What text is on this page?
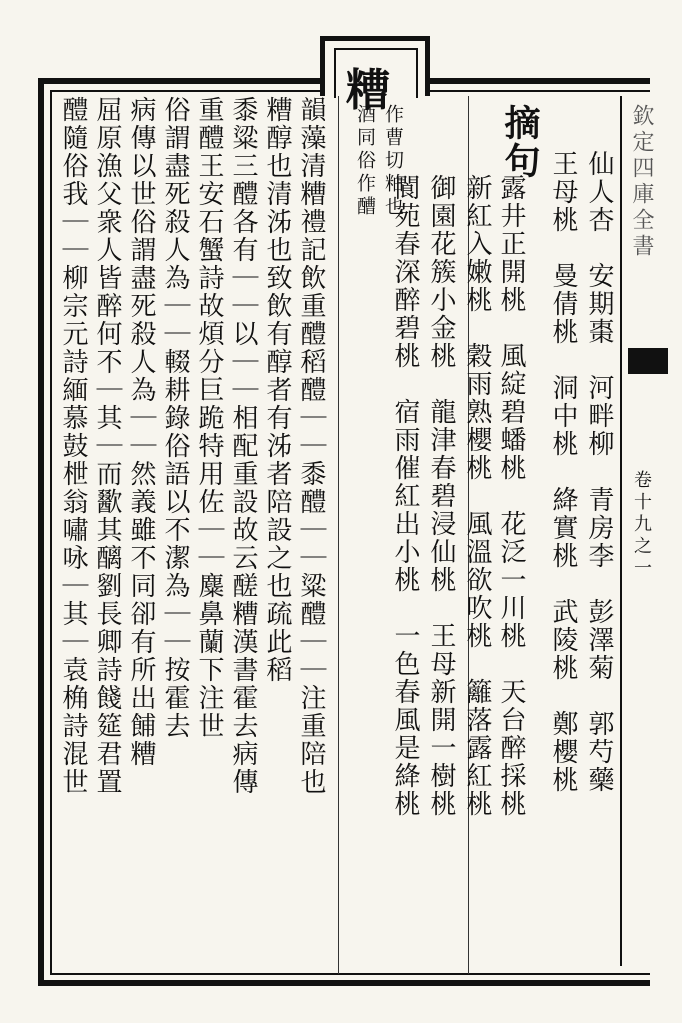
糟
欽定四庫全書
卷十九之一
仙人杏　安期棗　河畔柳　青房李　彭澤菊　郭芍藥
王母桃　曼倩桃　洞中桃　絳實桃　武陵桃　鄭櫻桃
摘句
露井正開桃　風綻碧蟠桃　花泛一川桃　天台醉採桃
新紅入嫩桃　穀雨熟櫻桃　風溫欲吹桃　籬落露紅桃
御園花簇小金桃　龍津春碧浸仙桃　王母新開一樹桃
閬苑春深醉碧桃　宿雨催紅出小桃　一色春風是絳桃
作曹切粕也
酒同俗作醩
韻藻清糟禮記飲重醴稻醴｜｜黍醴｜｜粱醴｜｜注重陪也
糟醇也清泲也致飲有醇者有泲者陪設之也疏此稻
黍粱三醴各有｜｜以｜｜相配重設故云醝糟漢書霍去病傳
重醴王安石蟹詩故煩分巨跪特用佐｜｜麋鼻蘭下注世
俗謂盡死殺人為｜｜輟耕錄俗語以不潔為｜｜按霍去
病傳以世俗謂盡死殺人為｜｜然義雖不同卻有所出餔糟
屈原漁父衆人皆醉何不｜其｜而歠其醨劉長卿詩餞筵君置
醴隨俗我｜｜柳宗元詩緬慕鼓枻翁嘯咏｜其｜袁桷詩混世
